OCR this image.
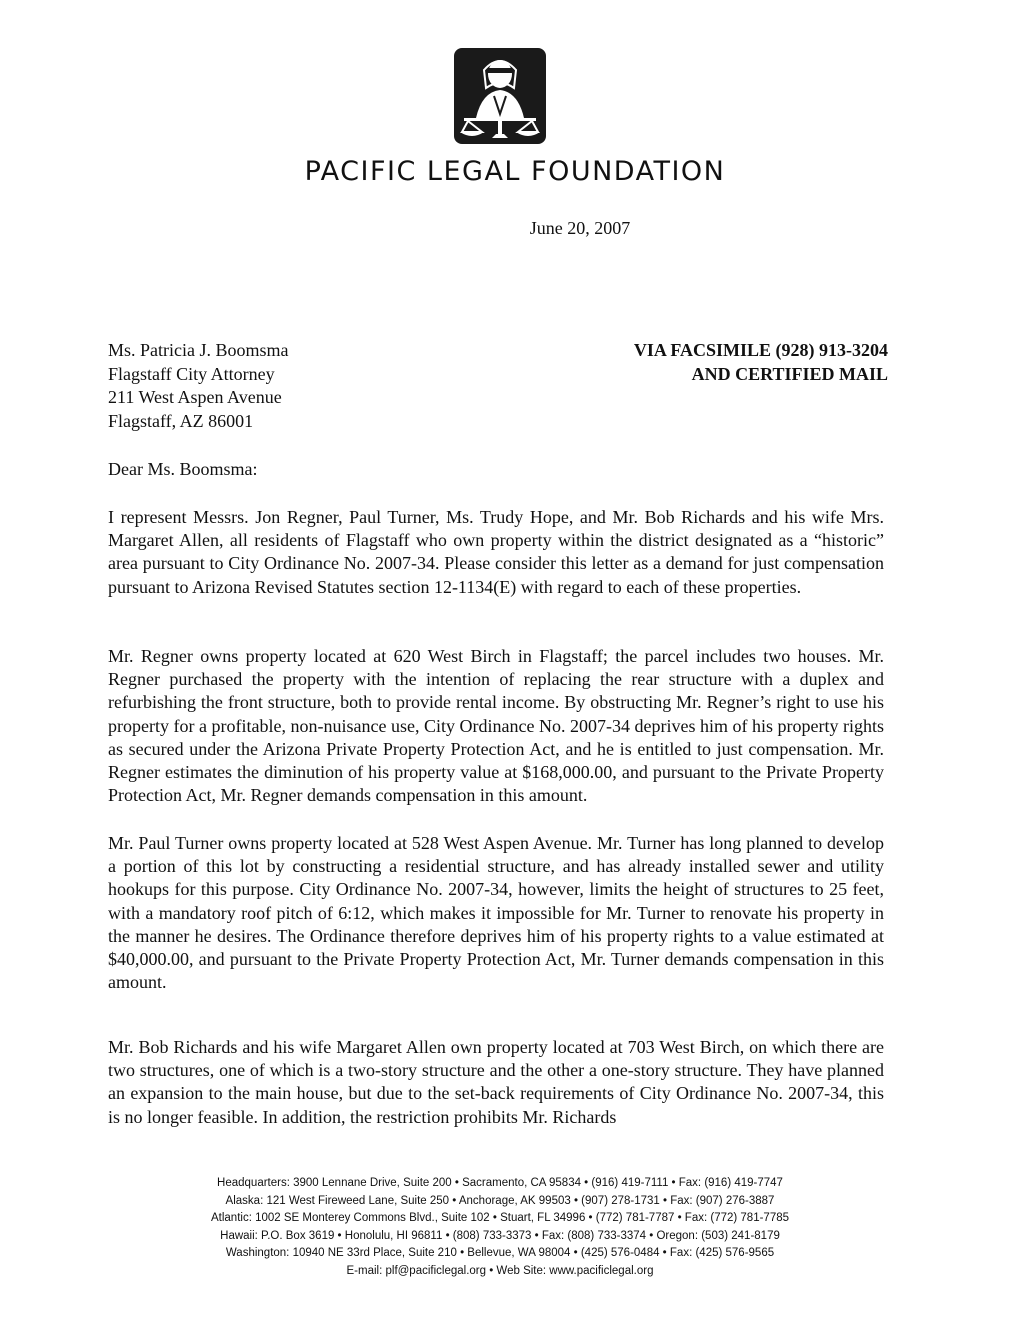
PACIFIC LEGAL FOUNDATION
June 20, 2007
Ms. Patricia J. Boomsma
Flagstaff City Attorney
211 West Aspen Avenue
Flagstaff, AZ 86001
VIA FACSIMILE (928) 913-3204
AND CERTIFIED MAIL
Dear Ms. Boomsma:

I represent Messrs. Jon Regner, Paul Turner, Ms. Trudy Hope, and Mr. Bob Richards and his wife Mrs. Margaret Allen, all residents of Flagstaff who own property within the district designated as a “historic” area pursuant to City Ordinance No. 2007-34. Please consider this letter as a demand for just compensation pursuant to Arizona Revised Statutes section 12-1134(E) with regard to each of these properties.

Mr. Regner owns property located at 620 West Birch in Flagstaff; the parcel includes two houses. Mr. Regner purchased the property with the intention of replacing the rear structure with a duplex and refurbishing the front structure, both to provide rental income. By obstructing Mr. Regner’s right to use his property for a profitable, non-nuisance use, City Ordinance No. 2007-34 deprives him of his property rights as secured under the Arizona Private Property Protection Act, and he is entitled to just compensation. Mr. Regner estimates the diminution of his property value at $168,000.00, and pursuant to the Private Property Protection Act, Mr. Regner demands compensation in this amount.

Mr. Paul Turner owns property located at 528 West Aspen Avenue. Mr. Turner has long planned to develop a portion of this lot by constructing a residential structure, and has already installed sewer and utility hookups for this purpose. City Ordinance No. 2007-34, however, limits the height of structures to 25 feet, with a mandatory roof pitch of 6:12, which makes it impossible for Mr. Turner to renovate his property in the manner he desires. The Ordinance therefore deprives him of his property rights to a value estimated at $40,000.00, and pursuant to the Private Property Protection Act, Mr. Turner demands compensation in this amount.

Mr. Bob Richards and his wife Margaret Allen own property located at 703 West Birch, on which there are two structures, one of which is a two-story structure and the other a one-story structure. They have planned an expansion to the main house, but due to the set-back requirements of City Ordinance No. 2007-34, this is no longer feasible. In addition, the restriction prohibits Mr. Richards

Headquarters: 3900 Lennane Drive, Suite 200 • Sacramento, CA 95834 • (916) 419-7111 • Fax: (916) 419-7747
Alaska: 121 West Fireweed Lane, Suite 250 • Anchorage, AK 99503 • (907) 278-1731 • Fax: (907) 276-3887
Atlantic: 1002 SE Monterey Commons Blvd., Suite 102 • Stuart, FL 34996 • (772) 781-7787 • Fax: (772) 781-7785
Hawaii: P.O. Box 3619 • Honolulu, HI 96811 • (808) 733-3373 • Fax: (808) 733-3374 • Oregon: (503) 241-8179
Washington: 10940 NE 33rd Place, Suite 210 • Bellevue, WA 98004 • (425) 576-0484 • Fax: (425) 576-9565
E-mail: plf@pacificlegal.org • Web Site: www.pacificlegal.org
